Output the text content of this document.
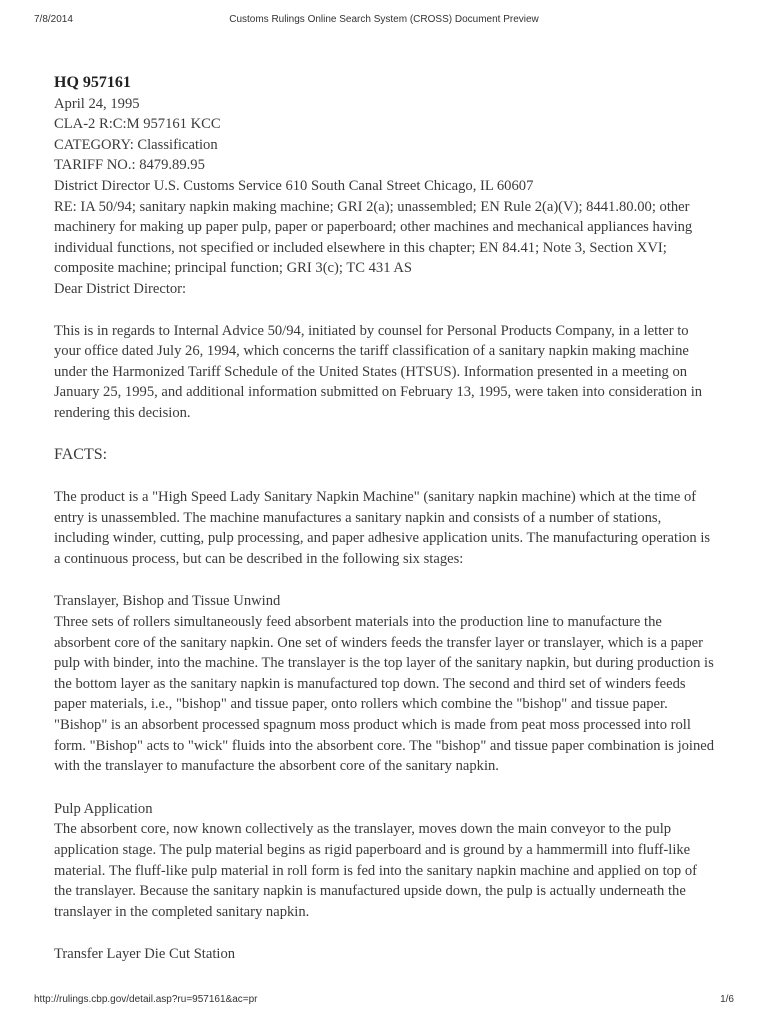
7/8/2014	Customs Rulings Online Search System (CROSS) Document Preview

HQ 957161

April 24, 1995

CLA-2 R:C:M 957161 KCC

CATEGORY: Classification

TARIFF NO.: 8479.89.95

District Director U.S. Customs Service 610 South Canal Street Chicago, IL 60607

RE: IA 50/94; sanitary napkin making machine; GRI 2(a); unassembled; EN Rule 2(a)(V); 8441.80.00; other machinery for making up paper pulp, paper or paperboard; other machines and mechanical appliances having individual functions, not specified or included elsewhere in this chapter; EN 84.41; Note 3, Section XVI; composite machine; principal function; GRI 3(c); TC 431 AS

Dear District Director:

This is in regards to Internal Advice 50/94, initiated by counsel for Personal Products Company, in a letter to your office dated July 26, 1994, which concerns the tariff classification of a sanitary napkin making machine under the Harmonized Tariff Schedule of the United States (HTSUS). Information presented in a meeting on January 25, 1995, and additional information submitted on February 13, 1995, were taken into consideration in rendering this decision.

FACTS:

The product is a "High Speed Lady Sanitary Napkin Machine" (sanitary napkin machine) which at the time of entry is unassembled. The machine manufactures a sanitary napkin and consists of a number of stations, including winder, cutting, pulp processing, and paper adhesive application units. The manufacturing operation is a continuous process, but can be described in the following six stages:

Translayer, Bishop and Tissue Unwind

Three sets of rollers simultaneously feed absorbent materials into the production line to manufacture the absorbent core of the sanitary napkin. One set of winders feeds the transfer layer or translayer, which is a paper pulp with binder, into the machine. The translayer is the top layer of the sanitary napkin, but during production is the bottom layer as the sanitary napkin is manufactured top down. The second and third set of winders feeds paper materials, i.e., "bishop" and tissue paper, onto rollers which combine the "bishop" and tissue paper. "Bishop" is an absorbent processed spagnum moss product which is made from peat moss processed into roll form. "Bishop" acts to "wick" fluids into the absorbent core. The "bishop" and tissue paper combination is joined with the translayer to manufacture the absorbent core of the sanitary napkin.

Pulp Application

The absorbent core, now known collectively as the translayer, moves down the main conveyor to the pulp application stage. The pulp material begins as rigid paperboard and is ground by a hammermill into fluff-like material. The fluff-like pulp material in roll form is fed into the sanitary napkin machine and applied on top of the translayer. Because the sanitary napkin is manufactured upside down, the pulp is actually underneath the translayer in the completed sanitary napkin.

Transfer Layer Die Cut Station

http://rulings.cbp.gov/detail.asp?ru=957161&ac=pr	1/6
